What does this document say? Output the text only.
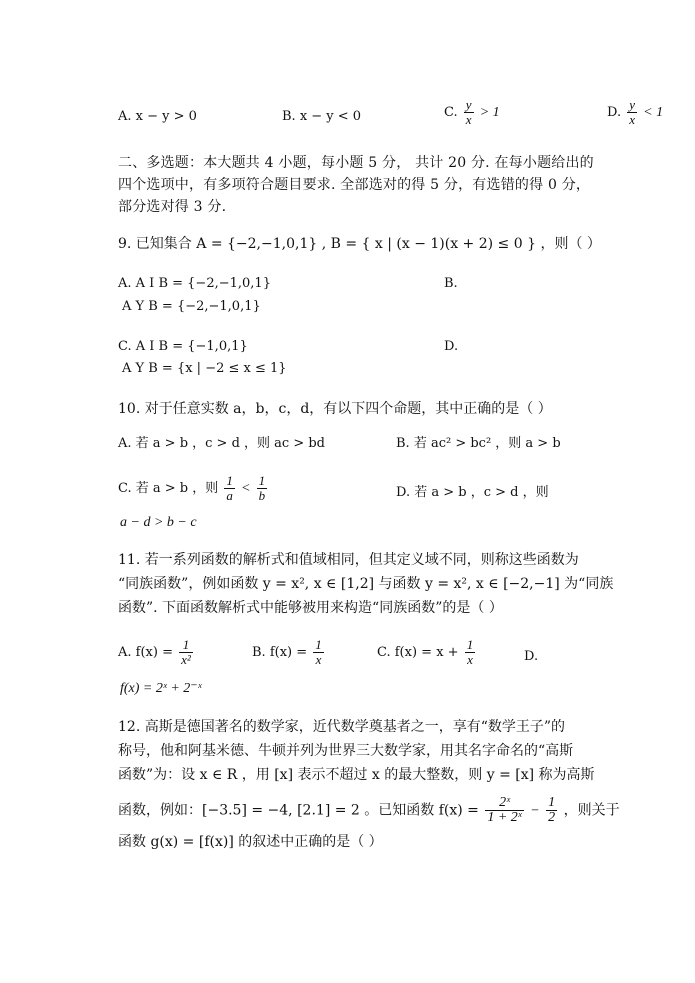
A. x − y > 0	B. x − y < 0	C. $\frac{y}{x} > 1$	D. $\frac{y}{x} < 1$
二、多选题：本大题共 4 小题，每小题 5 分， 共计 20 分. 在每小题给出的
四个选项中，有多项符合题目要求. 全部选对的得 5 分，有选错的得 0 分，
部分选对得 3 分.
9. 已知集合 A = {−2,−1,0,1} , B = { x | (x − 1)(x + 2) ≤ 0 } ，则（ ）
A. A I B = {−2,−1,0,1}	B.
A Y B = {−2,−1,0,1}
C. A I B = {−1,0,1}	D.
A Y B = {x | −2 ≤ x ≤ 1}
10. 对于任意实数 a，b，c，d，有以下四个命题，其中正确的是（ ）
A. 若 a > b ，c > d ，则 ac > bd	B. 若 ac² > bc² ，则 a > b
C. 若 a > b ，则 $\frac{1}{a} < \frac{1}{b}$	D. 若 a > b ，c > d ，则
a − d > b − c
11. 若一系列函数的解析式和值域相同，但其定义域不同，则称这些函数为
“同族函数”，例如函数 y = x², x ∈ [1,2] 与函数 y = x², x ∈ [−2,−1] 为“同族
函数”. 下面函数解析式中能够被用来构造“同族函数”的是（ ）
A. $f(x) = \frac{1}{\text{x²}}$	B. $f(x) = \frac{1}{x}$	C. $f(x) = x + \frac{1}{x}$	D.
f(x) = 2ˣ + 2⁻ˣ
12. 高斯是德国著名的数学家，近代数学奠基者之一，享有“数学王子”的
称号，他和阿基米德、牛顿并列为世界三大数学家，用其名字命名的“高斯
函数”为：设 x ∈ R ，用 [x] 表示不超过 x 的最大整数，则 y = [x] 称为高斯
函数，例如：[−3.5] = −4, [2.1] = 2 。已知函数 $f(x) = \frac{\text{2ˣ}}{\text{1 + 2ˣ}} - \frac{1}{2}$ ，则关于
函数 g(x) = [f(x)] 的叙述中正确的是（ ）
